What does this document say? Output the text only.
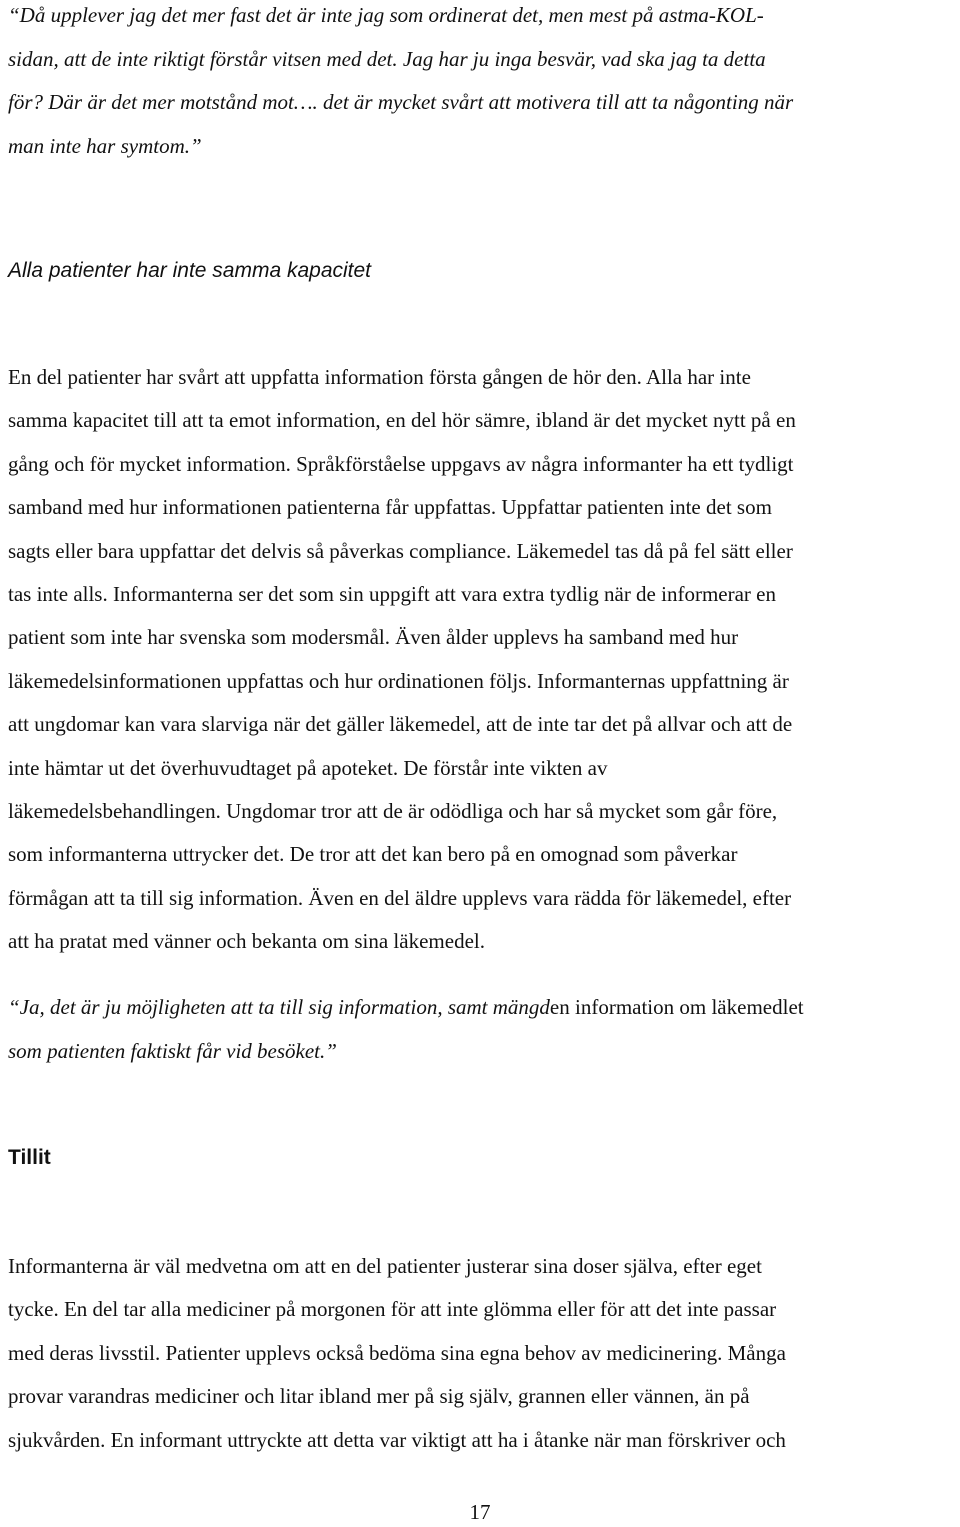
“Då upplever jag det mer fast det är inte jag som ordinerat det, men mest på astma-KOL-
sidan, att de inte riktigt förstår vitsen med det. Jag har ju inga besvär, vad ska jag ta detta
för? Där är det mer motstånd mot…. det är mycket svårt att motivera till att ta någonting när
man inte har symtom.”
Alla patienter har inte samma kapacitet
En del patienter har svårt att uppfatta information första gången de hör den. Alla har inte
samma kapacitet till att ta emot information, en del hör sämre, ibland är det mycket nytt på en
gång och för mycket information. Språkförståelse uppgavs av några informanter ha ett tydligt
samband med hur informationen patienterna får uppfattas. Uppfattar patienten inte det som
sagts eller bara uppfattar det delvis så påverkas compliance. Läkemedel tas då på fel sätt eller
tas inte alls. Informanterna ser det som sin uppgift att vara extra tydlig när de informerar en
patient som inte har svenska som modersmål. Även ålder upplevs ha samband med hur
läkemedelsinformationen uppfattas och hur ordinationen följs. Informanternas uppfattning är
att ungdomar kan vara slarviga när det gäller läkemedel, att de inte tar det på allvar och att de
inte hämtar ut det överhuvudtaget på apoteket. De förstår inte vikten av
läkemedelsbehandlingen. Ungdomar tror att de är odödliga och har så mycket som går före,
som informanterna uttrycker det. De tror att det kan bero på en omognad som påverkar
förmågan att ta till sig information. Även en del äldre upplevs vara rädda för läkemedel, efter
att ha pratat med vänner och bekanta om sina läkemedel.
“Ja, det är ju möjligheten att ta till sig information, samt mängden information om läkemedlet
som patienten faktiskt får vid besöket.”
Tillit
Informanterna är väl medvetna om att en del patienter justerar sina doser själva, efter eget
tycke. En del tar alla mediciner på morgonen för att inte glömma eller för att det inte passar
med deras livsstil. Patienter upplevs också bedöma sina egna behov av medicinering. Många
provar varandras mediciner och litar ibland mer på sig själv, grannen eller vännen, än på
sjukvården. En informant uttryckte att detta var viktigt att ha i åtanke när man förskriver och
17
